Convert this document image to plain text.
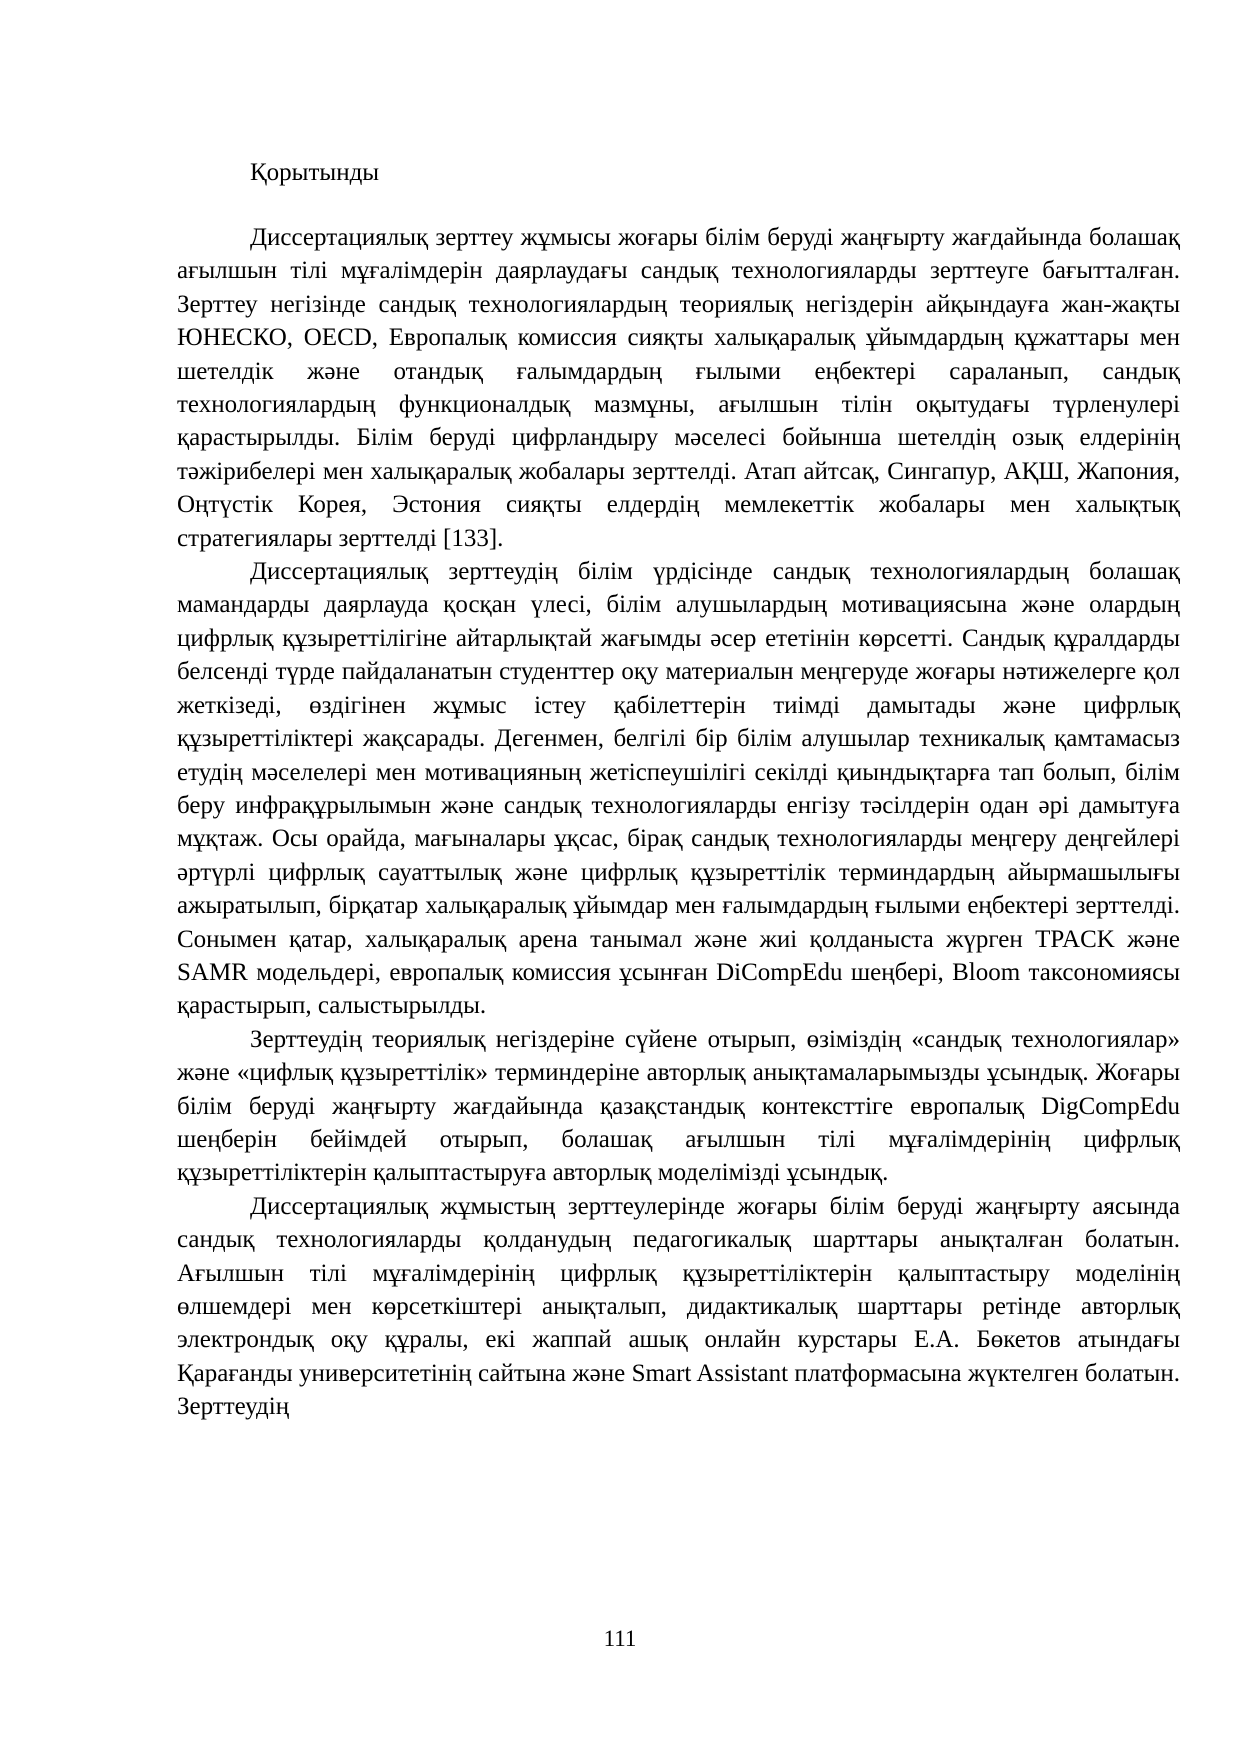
Қорытынды

Диссертациялық зерттеу жұмысы жоғары білім беруді жаңғырту жағдайында болашақ ағылшын тілі мұғалімдерін даярлаудағы сандық технологияларды зерттеуге бағытталған. Зерттеу негізінде сандық технологиялардың теориялық негіздерін айқындауға жан-жақты ЮНЕСКО, OECD, Европалық комиссия сияқты халықаралық ұйымдардың құжаттары мен шетелдік және отандық ғалымдардың ғылыми еңбектері сараланып, сандық технологиялардың функционалдық мазмұны, ағылшын тілін оқытудағы түрленулері қарастырылды. Білім беруді цифрландыру мәселесі бойынша шетелдің озық елдерінің тәжірибелері мен халықаралық жобалары зерттелді. Атап айтсақ, Сингапур, АҚШ, Жапония, Оңтүстік Корея, Эстония сияқты елдердің мемлекеттік жобалары мен халықтық стратегиялары зерттелді [133].

Диссертациялық зерттеудің білім үрдісінде сандық технологиялардың болашақ мамандарды даярлауда қосқан үлесі, білім алушылардың мотивациясына және олардың цифрлық құзыреттілігіне айтарлықтай жағымды әсер ететінін көрсетті. Сандық құралдарды белсенді түрде пайдаланатын студенттер оқу материалын меңгеруде жоғары нәтижелерге қол жеткізеді, өздігінен жұмыс істеу қабілеттерін тиімді дамытады және цифрлық құзыреттіліктері жақсарады. Дегенмен, белгілі бір білім алушылар техникалық қамтамасыз етудің мәселелері мен мотивацияның жетіспеушілігі секілді қиындықтарға тап болып, білім беру инфрақұрылымын және сандық технологияларды енгізу тәсілдерін одан әрі дамытуға мұқтаж. Осы орайда, мағыналары ұқсас, бірақ сандық технологияларды меңгеру деңгейлері әртүрлі цифрлық сауаттылық және цифрлық құзыреттілік терминдардың айырмашылығы ажыратылып, бірқатар халықаралық ұйымдар мен ғалымдардың ғылыми еңбектері зерттелді. Сонымен қатар, халықаралық арена танымал және жиі қолданыста жүрген TPACK және SAMR модельдері, европалық комиссия ұсынған DiCompEdu шеңбері, Bloom таксономиясы қарастырып, салыстырылды.

Зерттеудің теориялық негіздеріне сүйене отырып, өзіміздің «сандық технологиялар» және «цифлық құзыреттілік» терминдеріне авторлық анықтамаларымызды ұсындық. Жоғары білім беруді жаңғырту жағдайында қазақстандық контексттіге европалық DigCompEdu шеңберін бейімдей отырып, болашақ ағылшын тілі мұғалімдерінің цифрлық құзыреттіліктерін қалыптастыруға авторлық моделімізді ұсындық.

Диссертациялық жұмыстың зерттеулерінде жоғары білім беруді жаңғырту аясында сандық технологияларды қолданудың педагогикалық шарттары анықталған болатын. Ағылшын тілі мұғалімдерінің цифрлық құзыреттіліктерін қалыптастыру моделінің өлшемдері мен көрсеткіштері анықталып, дидактикалық шарттары ретінде авторлық электрондық оқу құралы, екі жаппай ашық онлайн курстары Е.А. Бөкетов атындағы Қарағанды университетінің сайтына және Smart Assistant платформасына жүктелген болатын. Зерттеудің

111
